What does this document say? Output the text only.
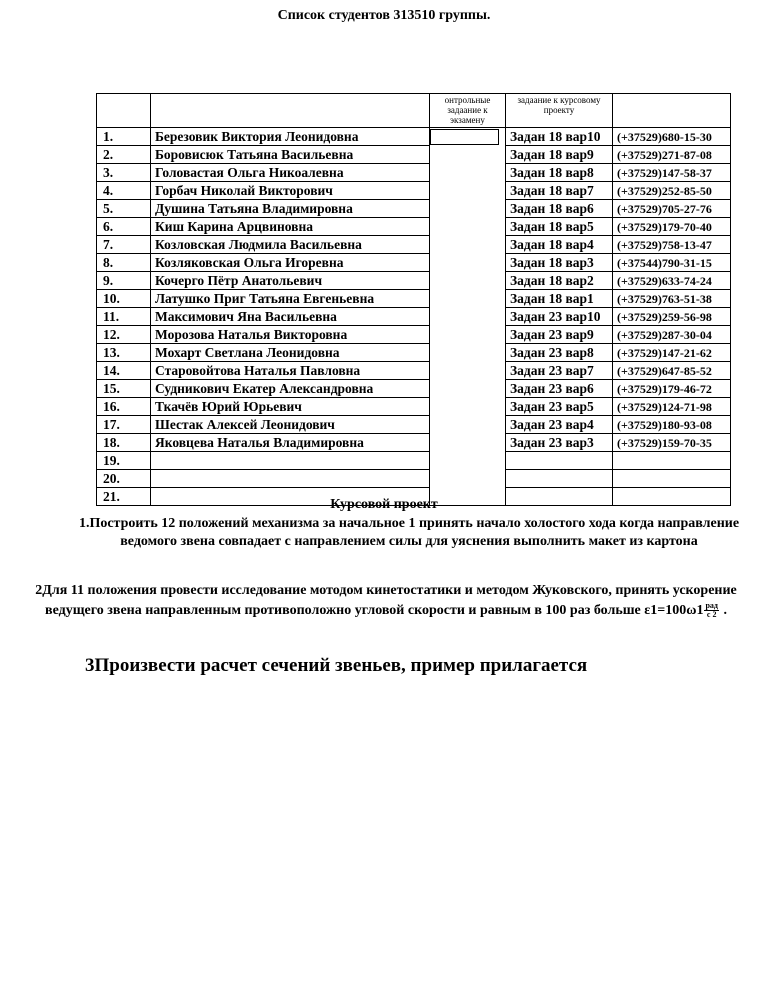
Список студентов 313510 группы.
		онтрольные задаание к экзамену	задаание к курсовому проекту	
1.	Березовик Виктория Леонидовна		Задан 18 вар10	(+37529)680-15-30
2.	Боровисюк Татьяна Васильевна		Задан 18 вар9	(+37529)271-87-08
3.	Головастая Ольга Никоалевна		Задан 18 вар8	(+37529)147-58-37
4.	Горбач Николай Викторович		Задан 18 вар7	(+37529)252-85-50
5.	Душина Татьяна Владимировна		Задан 18 вар6	(+37529)705-27-76
6.	Киш Карина Арцвиновна		Задан 18 вар5	(+37529)179-70-40
7.	Козловская Людмила Васильевна		Задан 18 вар4	(+37529)758-13-47
8.	Козляковская Ольга Игоревна		Задан 18 вар3	(+37544)790-31-15
9.	Кочерго Пётр Анатольевич		Задан 18 вар2	(+37529)633-74-24
10.	Латушко Приг Татьяна Евгеньевна		Задан 18 вар1	(+37529)763-51-38
11.	Максимович Яна Васильевна		Задан 23 вар10	(+37529)259-56-98
12.	Морозова Наталья Викторовна		Задан 23 вар9	(+37529)287-30-04
13.	Мохарт Светлана Леонидовна		Задан 23 вар8	(+37529)147-21-62
14.	Старовойтова Наталья Павловна		Задан 23 вар7	(+37529)647-85-52
15.	Судникович Екатер Александровна		Задан 23 вар6	(+37529)179-46-72
16.	Ткачёв Юрий Юрьевич		Задан 23 вар5	(+37529)124-71-98
17.	Шестак Алексей Леонидович		Задан 23 вар4	(+37529)180-93-08
18.	Яковцева Наталья Владимировна		Задан 23 вар3	(+37529)159-70-35
19.				
20.				
21.				
Курсовой проект
1.Построить 12 положений механизма за начальное 1 принять начало холостого хода когда направление ведомого звена совпадает с направлением силы для уяснения выполнить макет из картона
2Для 11 положения провести исследование мотодом кинетостатики и методом Жуковского, принять ускорение ведущего звена направленным противоположно угловой скорости и равным в 100 раз больше $\varepsilon 1=100\omega 1 \frac{\text{рад}}{с 2}$ .
3Произвести расчет сечений звеньев, пример прилагается
